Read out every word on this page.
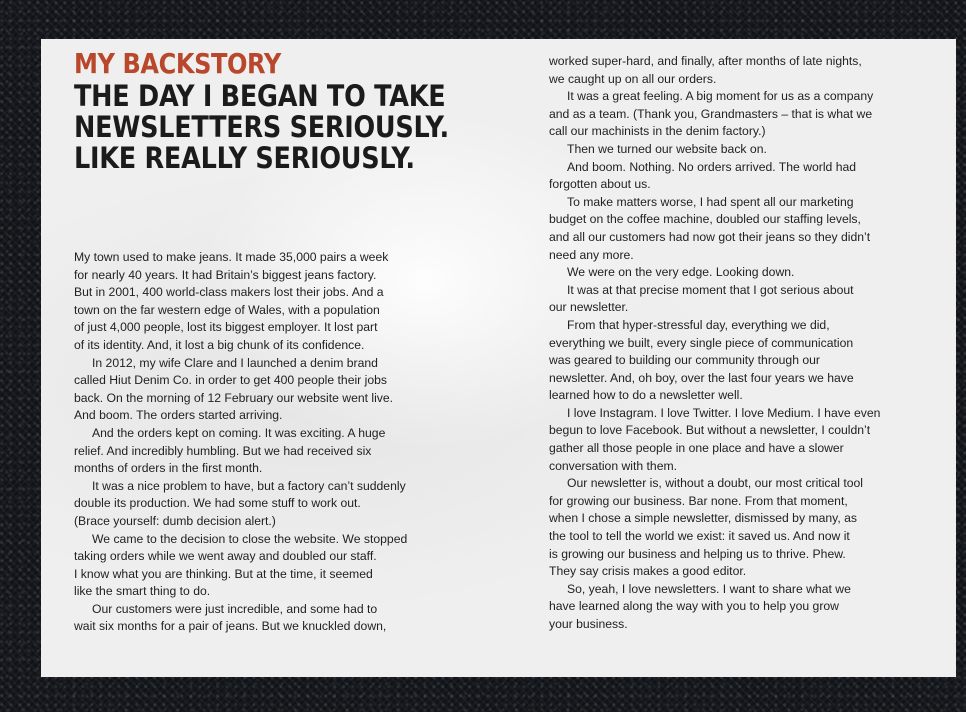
MY BACKSTORY
THE DAY I BEGAN TO TAKE
NEWSLETTERS SERIOUSLY.
LIKE REALLY SERIOUSLY.

My town used to make jeans. It made 35,000 pairs a week
for nearly 40 years. It had Britain’s biggest jeans factory.
But in 2001, 400 world-class makers lost their jobs. And a
town on the far western edge of Wales, with a population
of just 4,000 people, lost its biggest employer. It lost part
of its identity. And, it lost a big chunk of its confidence.

In 2012, my wife Clare and I launched a denim brand
called Hiut Denim Co. in order to get 400 people their jobs
back. On the morning of 12 February our website went live.
And boom. The orders started arriving.

And the orders kept on coming. It was exciting. A huge
relief. And incredibly humbling. But we had received six
months of orders in the first month.

It was a nice problem to have, but a factory can’t suddenly
double its production. We had some stuff to work out.
(Brace yourself: dumb decision alert.)

We came to the decision to close the website. We stopped
taking orders while we went away and doubled our staff.
I know what you are thinking. But at the time, it seemed
like the smart thing to do.

Our customers were just incredible, and some had to
wait six months for a pair of jeans. But we knuckled down,

worked super-hard, and finally, after months of late nights,
we caught up on all our orders.

It was a great feeling. A big moment for us as a company
and as a team. (Thank you, Grandmasters – that is what we
call our machinists in the denim factory.)

Then we turned our website back on.

And boom. Nothing. No orders arrived. The world had
forgotten about us.

To make matters worse, I had spent all our marketing
budget on the coffee machine, doubled our staffing levels,
and all our customers had now got their jeans so they didn’t
need any more.

We were on the very edge. Looking down.

It was at that precise moment that I got serious about
our newsletter.

From that hyper-stressful day, everything we did,
everything we built, every single piece of communication
was geared to building our community through our
newsletter. And, oh boy, over the last four years we have
learned how to do a newsletter well.

I love Instagram. I love Twitter. I love Medium. I have even
begun to love Facebook. But without a newsletter, I couldn’t
gather all those people in one place and have a slower
conversation with them.

Our newsletter is, without a doubt, our most critical tool
for growing our business. Bar none. From that moment,
when I chose a simple newsletter, dismissed by many, as
the tool to tell the world we exist: it saved us. And now it
is growing our business and helping us to thrive. Phew.
They say crisis makes a good editor.

So, yeah, I love newsletters. I want to share what we
have learned along the way with you to help you grow
your business.
